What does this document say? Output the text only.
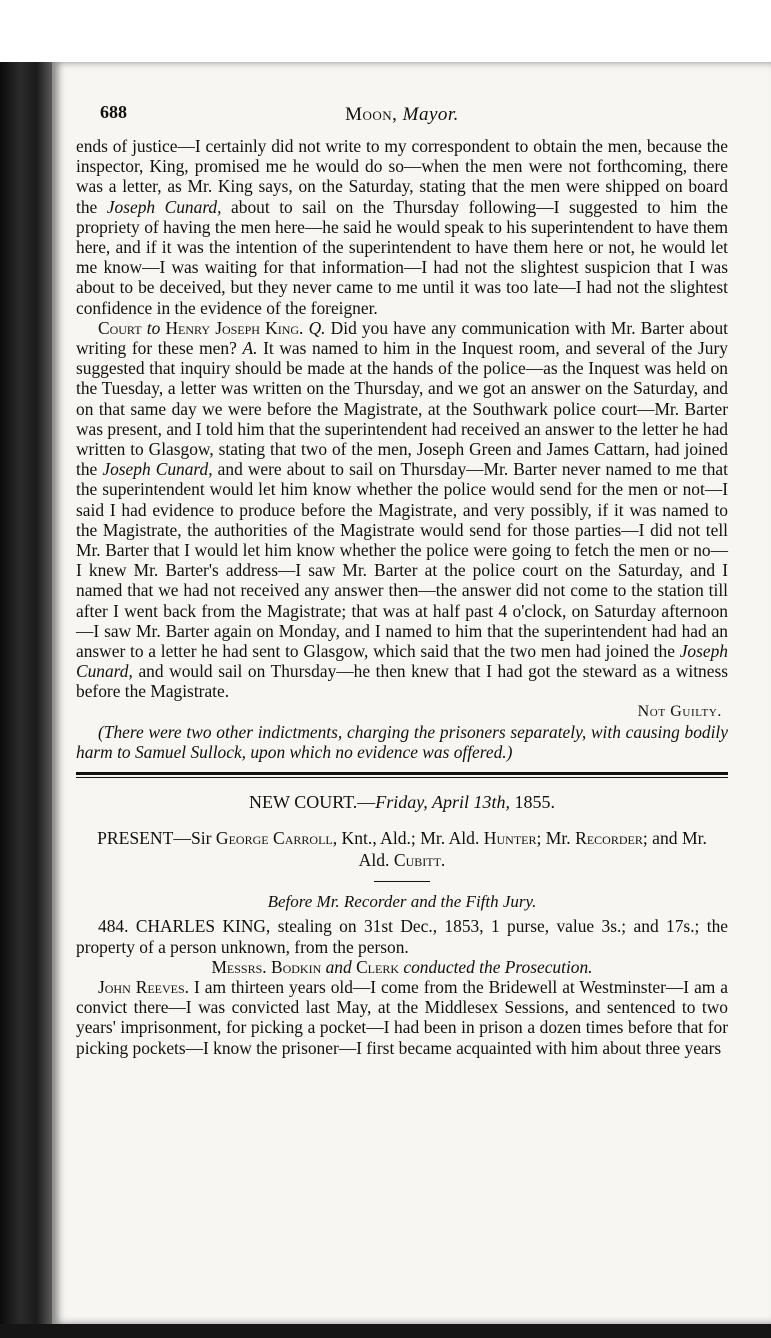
688	Moon, Mayor.

ends of justice—I certainly did not write to my correspondent to obtain the men, because the inspector, King, promised me he would do so—when the men were not forthcoming, there was a letter, as Mr. King says, on the Saturday, stating that the men were shipped on board the Joseph Cunard, about to sail on the Thursday following—I suggested to him the propriety of having the men here—he said he would speak to his superintendent to have them here, and if it was the intention of the superintendent to have them here or not, he would let me know—I was waiting for that information—I had not the slightest suspicion that I was about to be deceived, but they never came to me until it was too late—I had not the slightest confidence in the evidence of the foreigner.

Court to Henry Joseph King. Q. Did you have any communication with Mr. Barter about writing for these men? A. It was named to him in the Inquest room, and several of the Jury suggested that inquiry should be made at the hands of the police—as the Inquest was held on the Tuesday, a letter was written on the Thursday, and we got an answer on the Saturday, and on that same day we were before the Magistrate, at the Southwark police court—Mr. Barter was present, and I told him that the superintendent had received an answer to the letter he had written to Glasgow, stating that two of the men, Joseph Green and James Cattarn, had joined the Joseph Cunard, and were about to sail on Thursday—Mr. Barter never named to me that the superintendent would let him know whether the police would send for the men or not—I said I had evidence to produce before the Magistrate, and very possibly, if it was named to the Magistrate, the authorities of the Magistrate would send for those parties—I did not tell Mr. Barter that I would let him know whether the police were going to fetch the men or no—I knew Mr. Barter's address—I saw Mr. Barter at the police court on the Saturday, and I named that we had not received any answer then—the answer did not come to the station till after I went back from the Magistrate; that was at half past 4 o'clock, on Saturday afternoon—I saw Mr. Barter again on Monday, and I named to him that the superintendent had had an answer to a letter he had sent to Glasgow, which said that the two men had joined the Joseph Cunard, and would sail on Thursday—he then knew that I had got the steward as a witness before the Magistrate.

Not Guilty.

(There were two other indictments, charging the prisoners separately, with causing bodily harm to Samuel Sullock, upon which no evidence was offered.)

NEW COURT.—Friday, April 13th, 1855.
PRESENT—Sir George Carroll, Knt., Ald.; Mr. Ald. Hunter; Mr. Recorder; and Mr. Ald. Cubitt.
Before Mr. Recorder and the Fifth Jury.

484. CHARLES KING, stealing on 31st Dec., 1853, 1 purse, value 3s.; and 17s.; the property of a person unknown, from the person.

Messrs. Bodkin and Clerk conducted the Prosecution.

John Reeves. I am thirteen years old—I come from the Bridewell at Westminster—I am a convict there—I was convicted last May, at the Middlesex Sessions, and sentenced to two years' imprisonment, for picking a pocket—I had been in prison a dozen times before that for picking pockets—I know the prisoner—I first became acquainted with him about three years
